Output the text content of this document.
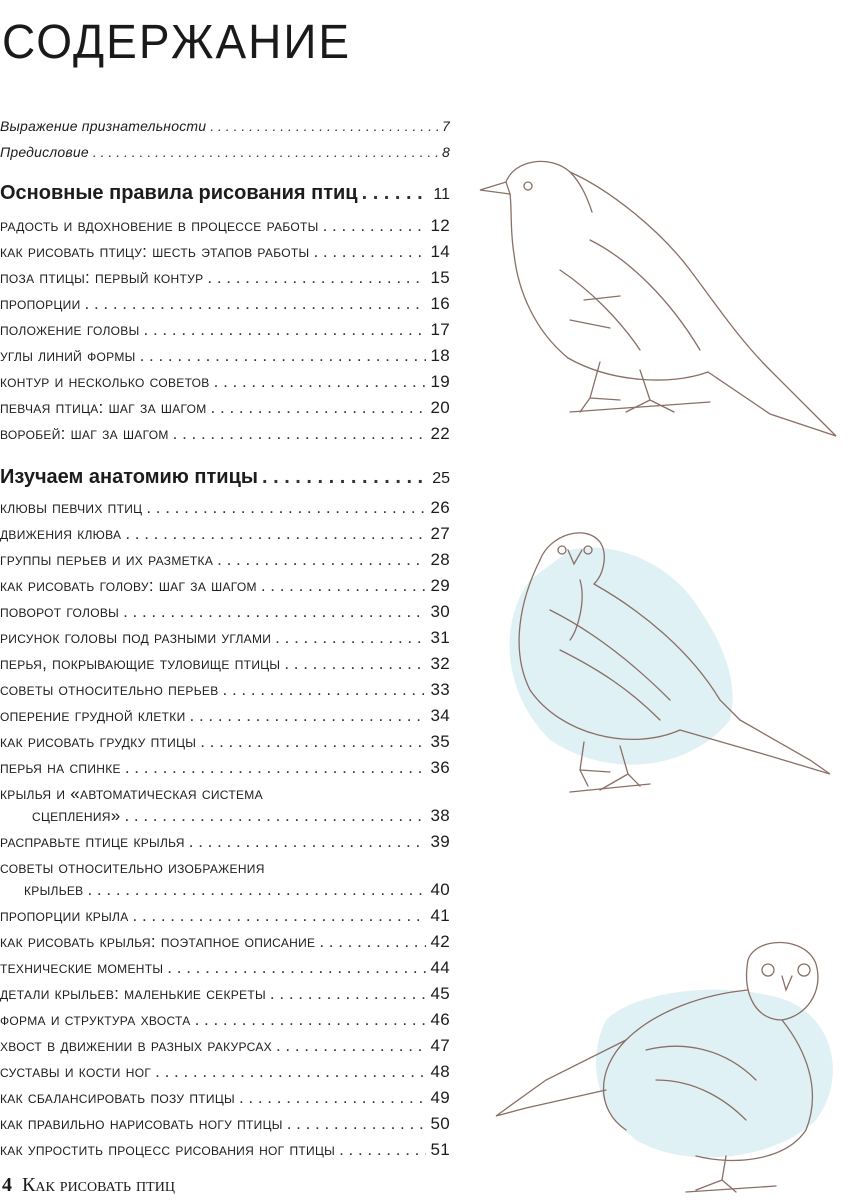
содержание
Выражение признательности . . .	7
Предисловие . . .	8
Основные правила рисования птиц . . .	11
радость и вдохновение в процессе работы . . .	12
как рисовать птицу: шесть этапов работы . . .	14
поза птицы: первый контур . . .	15
пропорции . . .	16
положение головы . . .	17
углы линий формы . . .	18
контур и несколько советов . . .	19
певчая птица: шаг за шагом . . .	20
воробей: шаг за шагом . . .	22
Изучаем анатомию птицы . . .	25
клювы певчих птиц . . .	26
движения клюва . . .	27
группы перьев и их разметка . . .	28
как рисовать голову: шаг за шагом . . .	29
поворот головы . . .	30
рисунок головы под разными углами . . .	31
перья, покрывающие туловище птицы . . .	32
советы относительно перьев . . .	33
оперение грудной клетки . . .	34
как рисовать грудку птицы . . .	35
перья на спинке . . .	36
крылья и «автоматическая система
сцепления» . . .	38
расправьте птице крылья . . .	39
советы относительно изображения
крыльев . . .	40
пропорции крыла . . .	41
как рисовать крылья: поэтапное описание . . .	42
технические моменты . . .	44
детали крыльев: маленькие секреты . . .	45
форма и структура хвоста . . .	46
хвост в движении в разных ракурсах . . .	47
суставы и кости ног . . .	48
как сбалансировать позу птицы . . .	49
как правильно нарисовать ногу птицы . . .	50
как упростить процесс рисования ног птицы . . .	51
4 Как рисовать птиц
